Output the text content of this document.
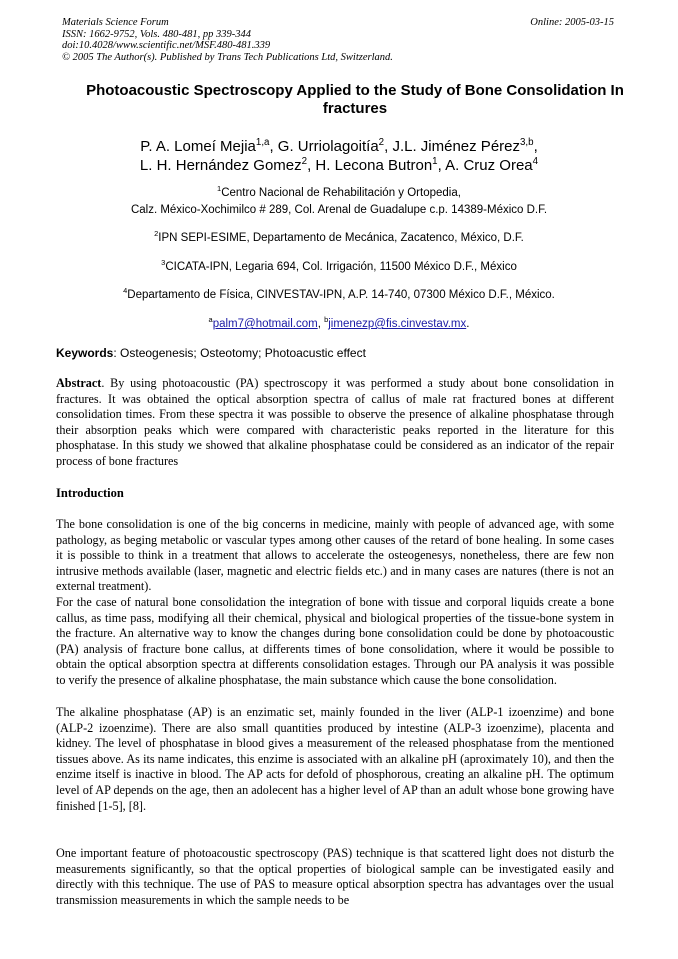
Materials Science Forum	Online: 2005-03-15
ISSN: 1662-9752, Vols. 480-481, pp 339-344
doi:10.4028/www.scientific.net/MSF.480-481.339
© 2005 The Author(s). Published by Trans Tech Publications Ltd, Switzerland.
Photoacoustic Spectroscopy Applied to the Study of Bone Consolidation In fractures
P. A. Lomeí Mejia$^{1,a}$, G. Urriolagoitía$^2$, J.L. Jiménez Pérez$^{3,b}$,
L. H. Hernández Gomez$^2$, H. Lecona Butron$^1$, A. Cruz Orea$^4$
$^1$Centro Nacional de Rehabilitación y Ortopedia,
Calz. México-Xochimilco # 289, Col. Arenal de Guadalupe c.p. 14389-México D.F.
$^2$IPN SEPI-ESIME, Departamento de Mecánica, Zacatenco, México, D.F.
$^3$CICATA-IPN, Legaria 694, Col. Irrigación, 11500 México D.F., México
$^4$Departamento de Física, CINVESTAV-IPN, A.P. 14-740, 07300 México D.F., México.
$^a$palm7@hotmail.com, $^b$jimenezp@fis.cinvestav.mx.
Keywords: Osteogenesis; Osteotomy; Photoacustic effect

Abstract. By using photoacoustic (PA) spectroscopy it was performed a study about bone consolidation in fractures. It was obtained the optical absorption spectra of callus of male rat fractured bones at different consolidation times. From these spectra it was possible to observe the presence of alkaline phosphatase through their absorption peaks which were compared with characteristic peaks reported in the literature for this phosphatase. In this study we showed that alkaline phosphatase could be considered as an indicator of the repair process of bone fractures

Introduction

The bone consolidation is one of the big concerns in medicine, mainly with people of advanced age, with some pathology, as beging metabolic or vascular types among other causes of the retard of bone healing. In some cases it is possible to think in a treatment that allows to accelerate the osteogenesys, nonetheless, there are few non intrusive methods available (laser, magnetic and electric fields etc.) and in many cases are natures (there is not an external treatment).

For the case of natural bone consolidation the integration of bone with tissue and corporal liquids create a bone callus, as time pass, modifying all their chemical, physical and biological properties of the tissue-bone system in the fracture. An alternative way to know the changes during bone consolidation could be done by photoacoustic (PA) analysis of fracture bone callus, at differents times of bone consolidation, where it would be possible to obtain the optical absorption spectra at differents consolidation estages. Through our PA analysis it was possible to verify the presence of alkaline phosphatase, the main substance which cause the bone consolidation.

The alkaline phosphatase (AP) is an enzimatic set, mainly founded in the liver (ALP-1 izoenzime) and bone (ALP-2 izoenzime). There are also small quantities produced by intestine (ALP-3 izoenzime), placenta and kidney. The level of phosphatase in blood gives a measurement of the released phosphatase from the mentioned tissues above. As its name indicates, this enzime is associated with an alkaline pH (aproximately 10), and then the enzime itself is inactive in blood. The AP acts for defold of phosphorous, creating an alkaline pH. The optimum level of AP depends on the age, then an adolecent has a higher level of AP than an adult whose bone growing have finished [1-5], [8].

One important feature of photoacoustic spectroscopy (PAS) technique is that scattered light does not disturb the measurements significantly, so that the optical properties of biological sample can be investigated easily and directly with this technique. The use of PAS to measure optical absorption spectra has advantages over the usual transmission measurements in which the sample needs to be
